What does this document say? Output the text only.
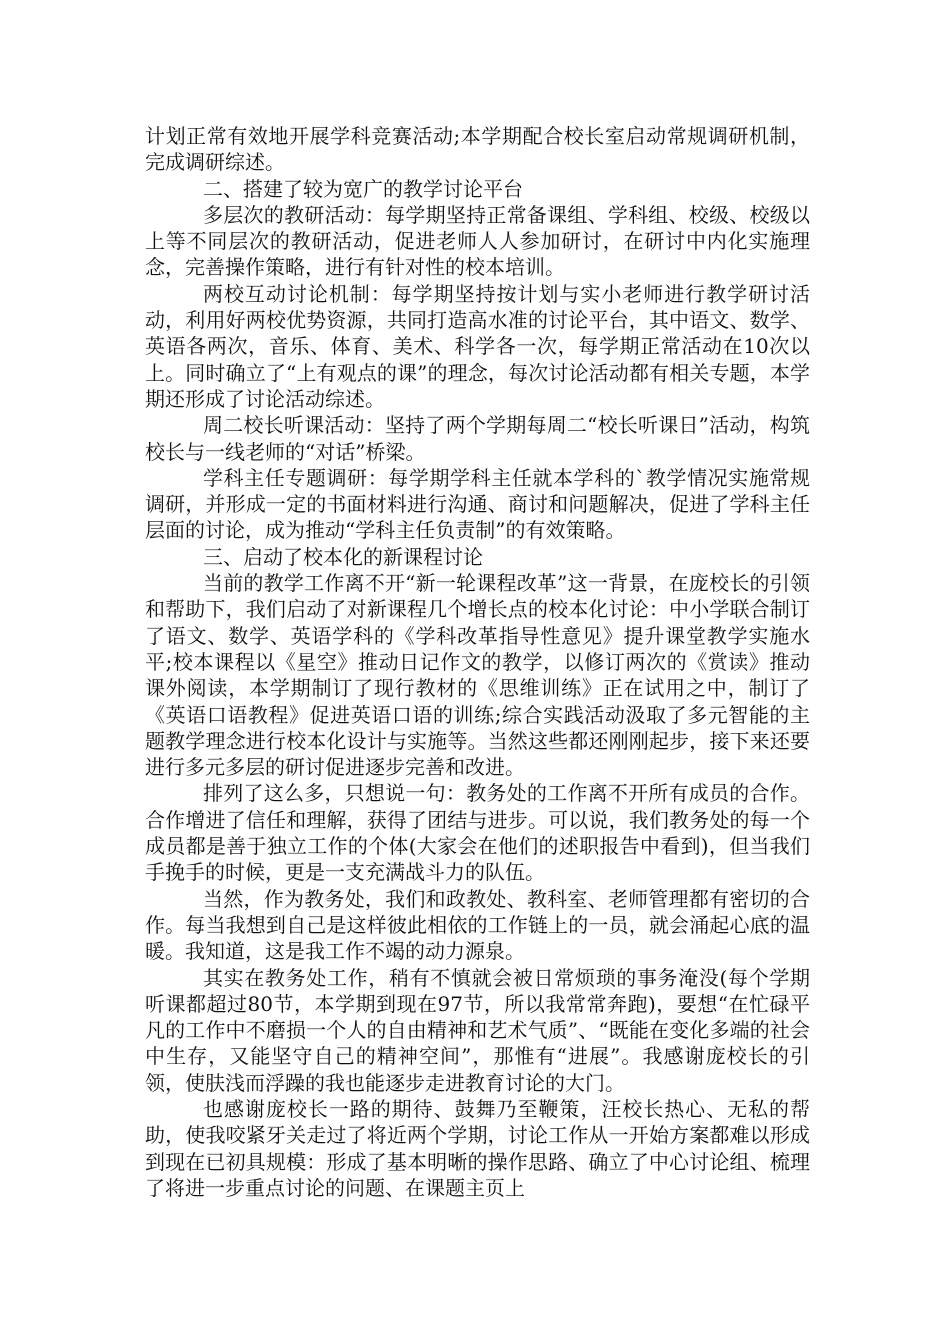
计划正常有效地开展学科竞赛活动;本学期配合校长室启动常规调研机制，完成调研综述。

二、搭建了较为宽广的教学讨论平台

多层次的教研活动：每学期坚持正常备课组、学科组、校级、校级以上等不同层次的教研活动，促进老师人人参加研讨，在研讨中内化实施理念，完善操作策略，进行有针对性的校本培训。

两校互动讨论机制：每学期坚持按计划与实小老师进行教学研讨活动，利用好两校优势资源，共同打造高水准的讨论平台，其中语文、数学、英语各两次，音乐、体育、美术、科学各一次，每学期正常活动在10次以上。同时确立了“上有观点的课”的理念，每次讨论活动都有相关专题，本学期还形成了讨论活动综述。

周二校长听课活动：坚持了两个学期每周二“校长听课日”活动，构筑校长与一线老师的“对话”桥梁。

学科主任专题调研：每学期学科主任就本学科的`教学情况实施常规调研，并形成一定的书面材料进行沟通、商讨和问题解决，促进了学科主任层面的讨论，成为推动“学科主任负责制”的有效策略。

三、启动了校本化的新课程讨论

当前的教学工作离不开“新一轮课程改革”这一背景，在庞校长的引领和帮助下，我们启动了对新课程几个增长点的校本化讨论：中小学联合制订了语文、数学、英语学科的《学科改革指导性意见》提升课堂教学实施水平;校本课程以《星空》推动日记作文的教学，以修订两次的《赏读》推动课外阅读，本学期制订了现行教材的《思维训练》正在试用之中，制订了《英语口语教程》促进英语口语的训练;综合实践活动汲取了多元智能的主题教学理念进行校本化设计与实施等。当然这些都还刚刚起步，接下来还要进行多元多层的研讨促进逐步完善和改进。

排列了这么多，只想说一句：教务处的工作离不开所有成员的合作。合作增进了信任和理解，获得了团结与进步。可以说，我们教务处的每一个成员都是善于独立工作的个体(大家会在他们的述职报告中看到)，但当我们手挽手的时候，更是一支充满战斗力的队伍。

当然，作为教务处，我们和政教处、教科室、老师管理都有密切的合作。每当我想到自己是这样彼此相依的工作链上的一员，就会涌起心底的温暖。我知道，这是我工作不竭的动力源泉。

其实在教务处工作，稍有不慎就会被日常烦琐的事务淹没(每个学期听课都超过80节，本学期到现在97节，所以我常常奔跑)，要想“在忙碌平凡的工作中不磨损一个人的自由精神和艺术气质”、“既能在变化多端的社会中生存，又能坚守自己的精神空间”，那惟有“进展”。我感谢庞校长的引领，使肤浅而浮躁的我也能逐步走进教育讨论的大门。

也感谢庞校长一路的期待、鼓舞乃至鞭策，汪校长热心、无私的帮助，使我咬紧牙关走过了将近两个学期，讨论工作从一开始方案都难以形成到现在已初具规模：形成了基本明晰的操作思路、确立了中心讨论组、梳理了将进一步重点讨论的问题、在课题主页上
